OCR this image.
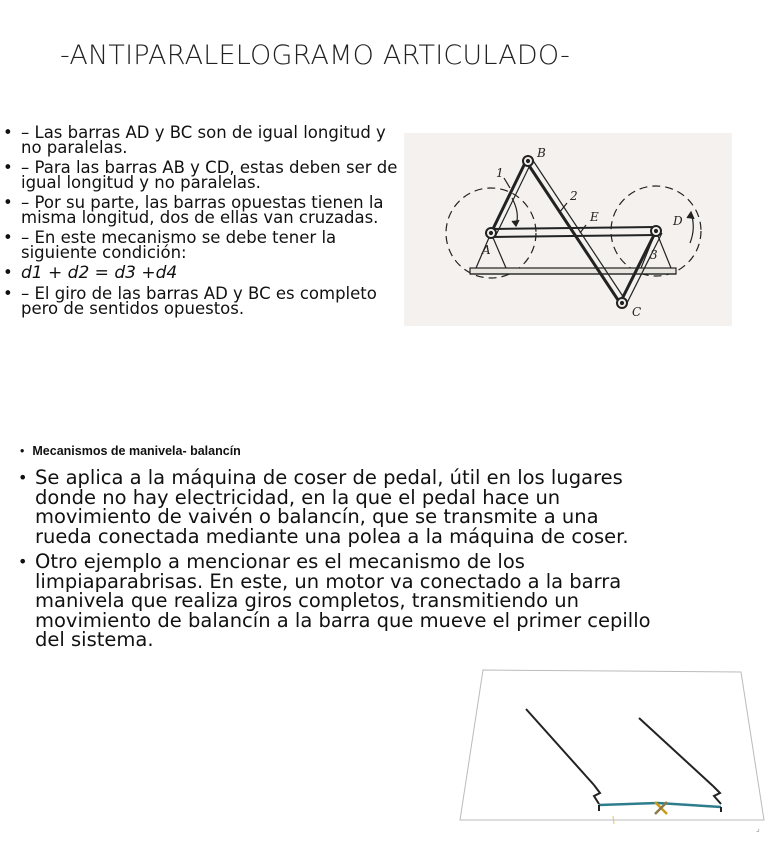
-ANTIPARALELOGRAMO ARTICULADO-
• – Las barras AD y BC son de igual longitud y no paralelas.
• – Para las barras AB y CD, estas deben ser de igual longitud y no paralelas.
• – Por su parte, las barras opuestas tienen la misma longitud, dos de ellas van cruzadas.
• – En este mecanismo se debe tener la siguiente condición:
• d1 + d2 = d3 +d4
• – El giro de las barras AD y BC es completo pero de sentidos opuestos.
A
B
C
D
E
1
2
3
• Mecanismos de manivela- balancín
• Se aplica a la máquina de coser de pedal, útil en los lugares donde no hay electricidad, en la que el pedal hace un movimiento de vaivén o balancín, que se transmite a una rueda conectada mediante una polea a la máquina de coser.
• Otro ejemplo a mencionar es el mecanismo de los limpiaparabrisas. En este, un motor va conectado a la barra manivela que realiza giros completos, transmitiendo un movimiento de balancín a la barra que mueve el primer cepillo del sistema.
⌟
